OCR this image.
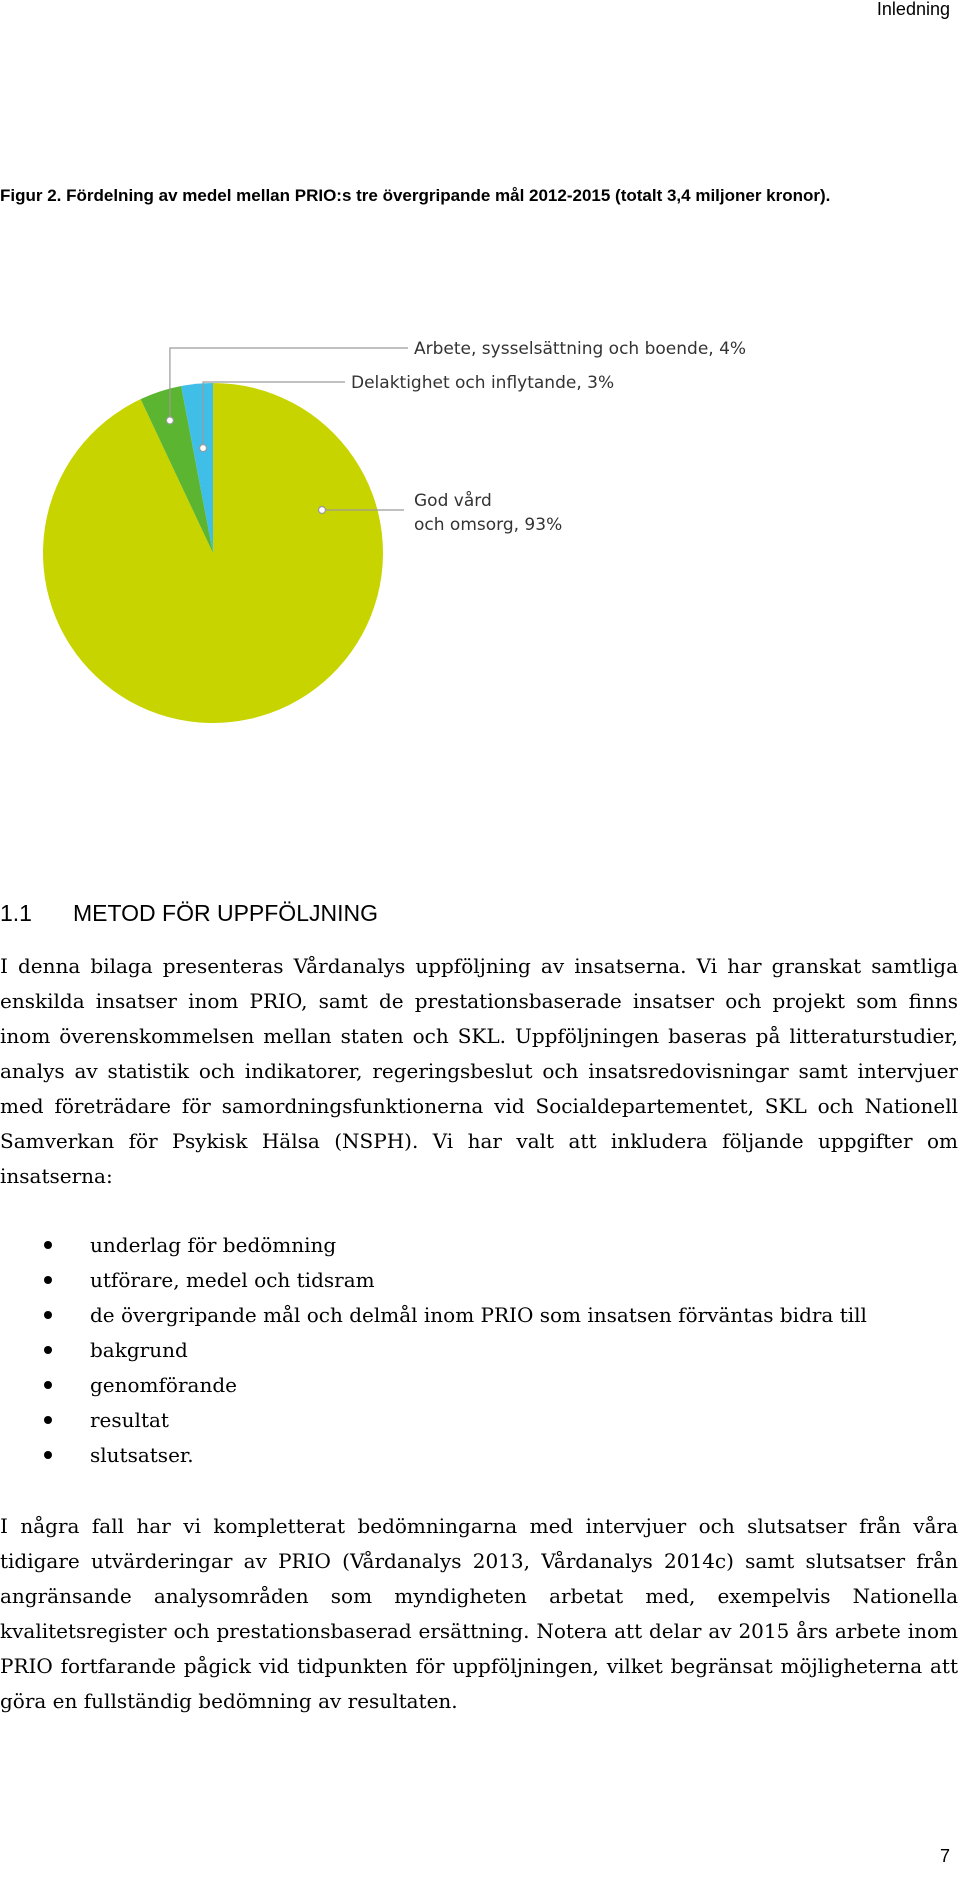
Inledning

Figur 2. Fördelning av medel mellan PRIO:s tre övergripande mål 2012-2015 (totalt 3,4 miljoner kronor).

Arbete, sysselsättning och boende, 4%
Delaktighet och inflytande, 3%
God vård och omsorg, 93%
1.1 METOD FÖR UPPFÖLJNING

I denna bilaga presenteras Vårdanalys uppföljning av insatserna. Vi har granskat samtliga enskilda insatser inom PRIO, samt de prestationsbaserade insatser och projekt som finns inom överenskommelsen mellan staten och SKL. Uppföljningen baseras på litteraturstudier, analys av statistik och indikatorer, regeringsbeslut och insatsredovisningar samt intervjuer med företrädare för samordningsfunktionerna vid Socialdepartementet, SKL och Nationell Samverkan för Psykisk Hälsa (NSPH). Vi har valt att inkludera följande uppgifter om insatserna:

underlag för bedömning
utförare, medel och tidsram
de övergripande mål och delmål inom PRIO som insatsen förväntas bidra till
bakgrund
genomförande
resultat
slutsatser.

I några fall har vi kompletterat bedömningarna med intervjuer och slutsatser från våra tidigare utvärderingar av PRIO (Vårdanalys 2013, Vårdanalys 2014c) samt slutsatser från angränsande analysområden som myndigheten arbetat med, exempelvis Nationella kvalitetsregister och prestationsbaserad ersättning. Notera att delar av 2015 års arbete inom PRIO fortfarande pågick vid tidpunkten för uppföljningen, vilket begränsat möjligheterna att göra en fullständig bedömning av resultaten.

7
